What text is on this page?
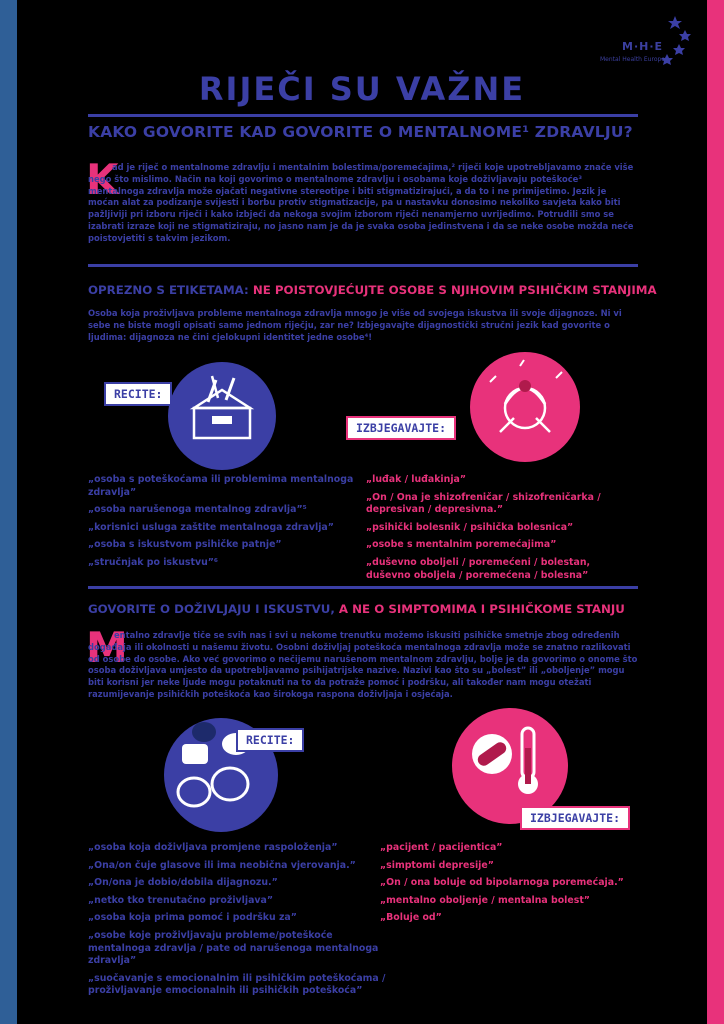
M·H·E
Mental Health Europe
RIJEČI SU VAŽNE
KAKO GOVORITE KAD GOVORITE O MENTALNOME¹ ZDRAVLJU?
K

ad je riječ o mentalnome zdravlju i mentalnim bolestima/poremećajima,² riječi koje upotrebljavamo znače više nego što mislimo. Način na koji govorimo o mentalnome zdravlju i osobama koje doživljavaju poteškoće³ mentalnoga zdravlja može ojačati negativne stereotipe i biti stigmatizirajući, a da to i ne primijetimo. Jezik je moćan alat za podizanje svijesti i borbu protiv stigmatizacije, pa u nastavku donosimo nekoliko savjeta kako biti pažljiviji pri izboru riječi i kako izbjeći da nekoga svojim izborom riječi nenamjerno uvrijedimo. Potrudili smo se izabrati izraze koji ne stigmatiziraju, no jasno nam je da je svaka osoba jedinstvena i da se neke osobe možda neće poistovjetiti s takvim jezikom.

OPREZNO S ETIKETAMA: NE POISTOVJEĆUJTE OSOBE S NJIHOVIM PSIHIČKIM STANJIMA

Osoba koja proživljava probleme mentalnoga zdravlja mnogo je više od svojega iskustva ili svoje dijagnoze. Ni vi sebe ne biste mogli opisati samo jednom riječju, zar ne? Izbjegavajte dijagnostički stručni jezik kad govorite o ljudima: dijagnoza ne čini cjelokupni identitet jedne osobe⁴!

RECITE:
IZBJEGAVAJTE:
„osoba s poteškoćama ili problemima mentalnoga zdravlja”
„osoba narušenoga mentalnog zdravlja”⁵
„korisnici usluga zaštite mentalnoga zdravlja”
„osoba s iskustvom psihičke patnje”
„stručnjak po iskustvu”⁶
„luđak / luđakinja”
„On / Ona je shizofreničar / shizofreničarka / depresivan / depresivna.”
„psihički bolesnik / psihička bolesnica”
„osobe s mentalnim poremećajima”
„duševno oboljeli / poremećeni / bolestan, duševno oboljela / poremećena / bolesna”
GOVORITE O DOŽIVLJAJU I ISKUSTVU, A NE O SIMPTOMIMA I PSIHIČKOME STANJU
M

entalno zdravlje tiče se svih nas i svi u nekome trenutku možemo iskusiti psihičke smetnje zbog određenih događaja ili okolnosti u našemu životu. Osobni doživljaj poteškoća mentalnoga zdravlja može se znatno razlikovati od osobe do osobe. Ako već govorimo o nečijemu narušenom mentalnom zdravlju, bolje je da govorimo o onome što osoba doživljava umjesto da upotrebljavamo psihijatrijske nazive. Nazivi kao što su „bolest” ili „oboljenje” mogu biti korisni jer neke ljude mogu potaknuti na to da potraže pomoć i podršku, ali također nam mogu otežati razumijevanje psihičkih poteškoća kao širokoga raspona doživljaja i osjećaja.

RECITE:
IZBJEGAVAJTE:
„osoba koja doživljava promjene raspoloženja”
„Ona/on čuje glasove ili ima neobična vjerovanja.”
„On/ona je dobio/dobila dijagnozu.”
„netko tko trenutačno proživljava”
„osoba koja prima pomoć i podršku za”
„osobe koje proživljavaju probleme/poteškoće mentalnoga zdravlja / pate od narušenoga mentalnoga zdravlja”
„suočavanje s emocionalnim ili psihičkim poteškoćama / proživljavanje emocionalnih ili psihičkih poteškoća”
„pacijent / pacijentica”
„simptomi depresije”
„On / ona boluje od bipolarnoga poremećaja.”
„mentalno oboljenje / mentalna bolest”
„Boluje od”
